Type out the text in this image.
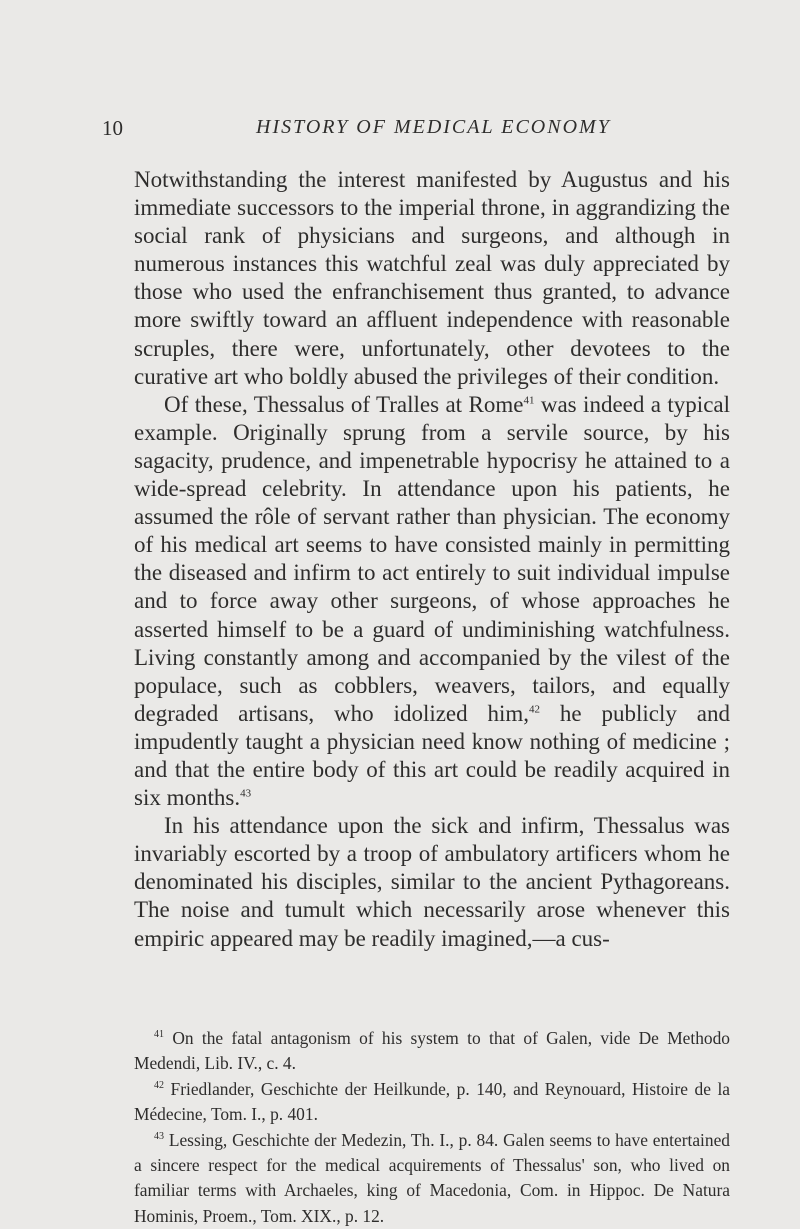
10	HISTORY OF MEDICAL ECONOMY

Notwithstanding the interest manifested by Augustus and his immediate successors to the imperial throne, in aggrandizing the social rank of physicians and surgeons, and although in numerous instances this watchful zeal was duly appreciated by those who used the enfranchisement thus granted, to advance more swiftly toward an affluent independence with reasonable scruples, there were, unfortunately, other devotees to the curative art who boldly abused the privileges of their condition.

Of these, Thessalus of Tralles at Rome$^{41}$ was indeed a typical example. Originally sprung from a servile source, by his sagacity, prudence, and impenetrable hypocrisy he attained to a wide-spread celebrity. In attendance upon his patients, he assumed the rôle of servant rather than physician. The economy of his medical art seems to have consisted mainly in permitting the diseased and infirm to act entirely to suit individual impulse and to force away other surgeons, of whose approaches he asserted himself to be a guard of undiminishing watchfulness. Living constantly among and accompanied by the vilest of the populace, such as cobblers, weavers, tailors, and equally degraded artisans, who idolized him,$^{42}$ he publicly and impudently taught a physician need know nothing of medicine ; and that the entire body of this art could be readily acquired in six months.$^{43}$

In his attendance upon the sick and infirm, Thessalus was invariably escorted by a troop of ambulatory artificers whom he denominated his disciples, similar to the ancient Pythagoreans. The noise and tumult which necessarily arose whenever this empiric appeared may be readily imagined,—a cus-

$^{41}$ On the fatal antagonism of his system to that of Galen, vide De Methodo Medendi, Lib. IV., c. 4.

$^{42}$ Friedlander, Geschichte der Heilkunde, p. 140, and Reynouard, Histoire de la Médecine, Tom. I., p. 401.

$^{43}$ Lessing, Geschichte der Medezin, Th. I., p. 84. Galen seems to have entertained a sincere respect for the medical acquirements of Thessalus' son, who lived on familiar terms with Archaeles, king of Macedonia, Com. in Hippoc. De Natura Hominis, Proem., Tom. XIX., p. 12.
